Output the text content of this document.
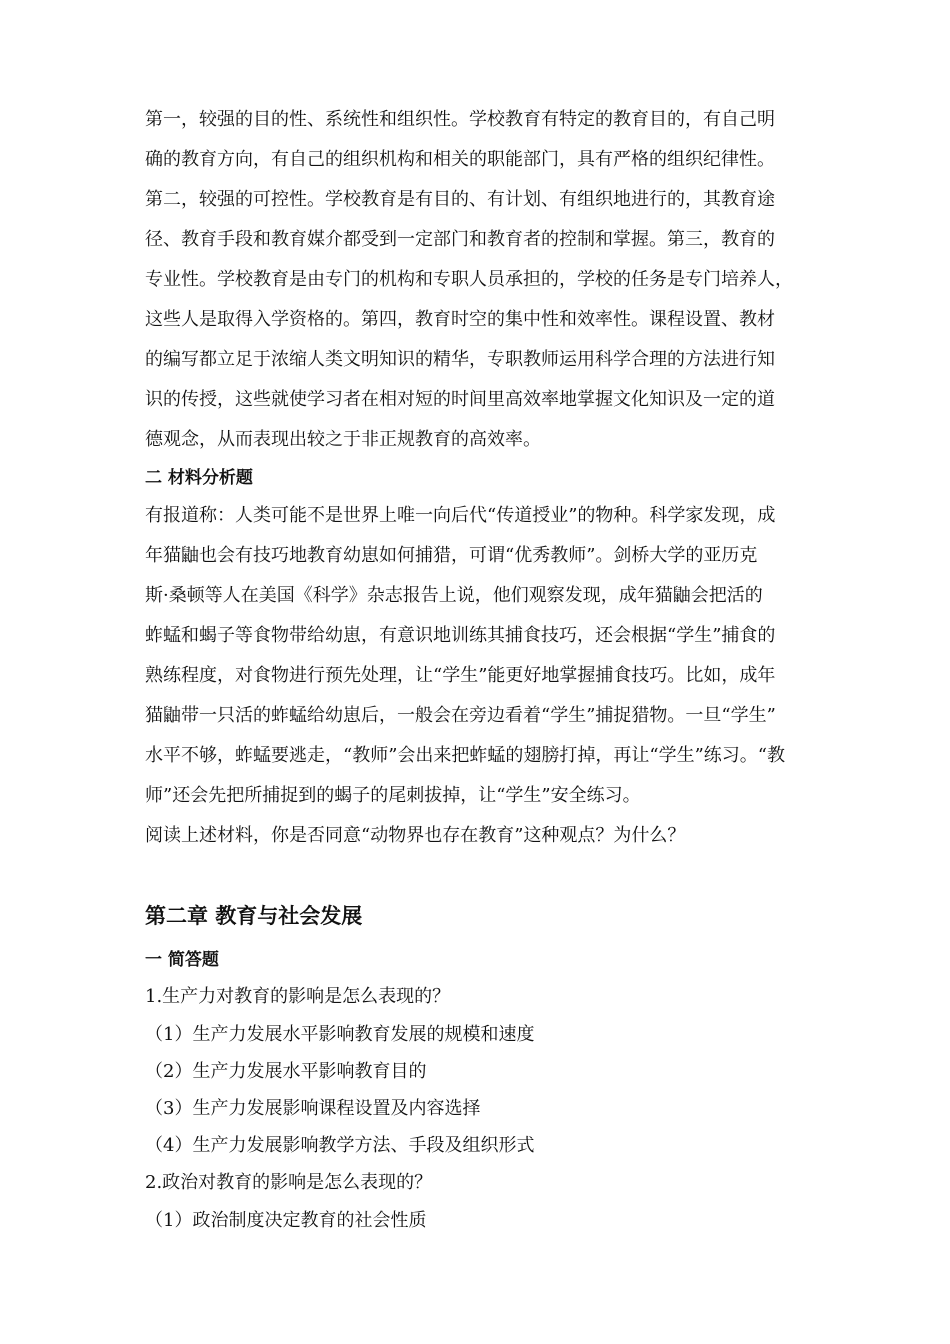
第一，较强的目的性、系统性和组织性。学校教育有特定的教育目的，有自己明
确的教育方向，有自己的组织机构和相关的职能部门，具有严格的组织纪律性。
第二，较强的可控性。学校教育是有目的、有计划、有组织地进行的，其教育途
径、教育手段和教育媒介都受到一定部门和教育者的控制和掌握。第三，教育的
专业性。学校教育是由专门的机构和专职人员承担的，学校的任务是专门培养人，
这些人是取得入学资格的。第四，教育时空的集中性和效率性。课程设置、教材
的编写都立足于浓缩人类文明知识的精华，专职教师运用科学合理的方法进行知
识的传授，这些就使学习者在相对短的时间里高效率地掌握文化知识及一定的道
德观念，从而表现出较之于非正规教育的高效率。
二 材料分析题
有报道称：人类可能不是世界上唯一向后代“传道授业”的物种。科学家发现，成
年猫鼬也会有技巧地教育幼崽如何捕猎，可谓“优秀教师”。剑桥大学的亚历克
斯·桑顿等人在美国《科学》杂志报告上说，他们观察发现，成年猫鼬会把活的
蚱蜢和蝎子等食物带给幼崽，有意识地训练其捕食技巧，还会根据“学生”捕食的
熟练程度，对食物进行预先处理，让“学生”能更好地掌握捕食技巧。比如，成年
猫鼬带一只活的蚱蜢给幼崽后，一般会在旁边看着“学生”捕捉猎物。一旦“学生”
水平不够，蚱蜢要逃走，“教师”会出来把蚱蜢的翅膀打掉，再让“学生”练习。“教
师”还会先把所捕捉到的蝎子的尾刺拔掉，让“学生”安全练习。
阅读上述材料，你是否同意“动物界也存在教育”这种观点？为什么？
第二章 教育与社会发展
一 简答题
1.生产力对教育的影响是怎么表现的？
（1）生产力发展水平影响教育发展的规模和速度
（2）生产力发展水平影响教育目的
（3）生产力发展影响课程设置及内容选择
（4）生产力发展影响教学方法、手段及组织形式
2.政治对教育的影响是怎么表现的？
（1）政治制度决定教育的社会性质
